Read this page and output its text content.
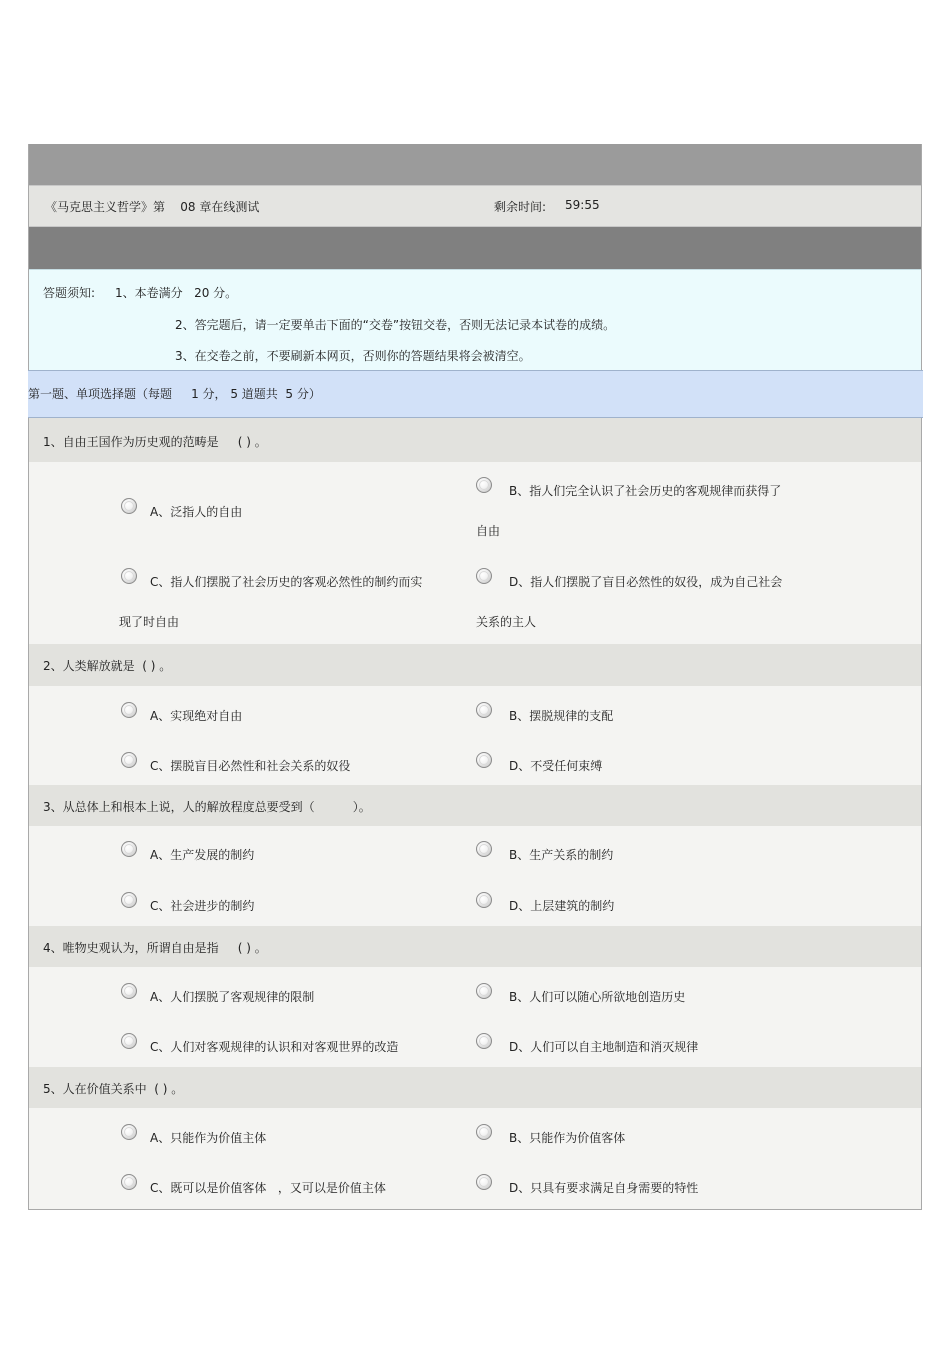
《马克思主义哲学》第    08 章在线测试	剩余时间: 59:55
答题须知: 1、本卷满分   20 分。
2、答完题后，请一定要单击下面的“交卷”按钮交卷，否则无法记录本试卷的成绩。
3、在交卷之前，不要刷新本网页，否则你的答题结果将会被清空。
第一题、单项选择题（每题     1 分， 5 道题共  5 分）
1、自由王国作为历史观的范畴是     ( ) 。
A、泛指人的自由
B、指人们完全认识了社会历史的客观规律而获得了
自由
C、指人们摆脱了社会历史的客观必然性的制约而实
现了时自由
D、指人们摆脱了盲目必然性的奴役，成为自己社会
关系的主人
2、人类解放就是  ( ) 。
A、实现绝对自由	B、摆脱规律的支配
C、摆脱盲目必然性和社会关系的奴役	D、不受任何束缚
3、从总体上和根本上说，人的解放程度总要受到（          ）。
A、生产发展的制约	B、生产关系的制约
C、社会进步的制约	D、上层建筑的制约
4、唯物史观认为，所谓自由是指     ( ) 。
A、人们摆脱了客观规律的限制	B、人们可以随心所欲地创造历史
C、人们对客观规律的认识和对客观世界的改造	D、人们可以自主地制造和消灭规律
5、人在价值关系中  ( ) 。
A、只能作为价值主体	B、只能作为价值客体
C、既可以是价值客体   ，又可以是价值主体	D、只具有要求满足自身需要的特性
